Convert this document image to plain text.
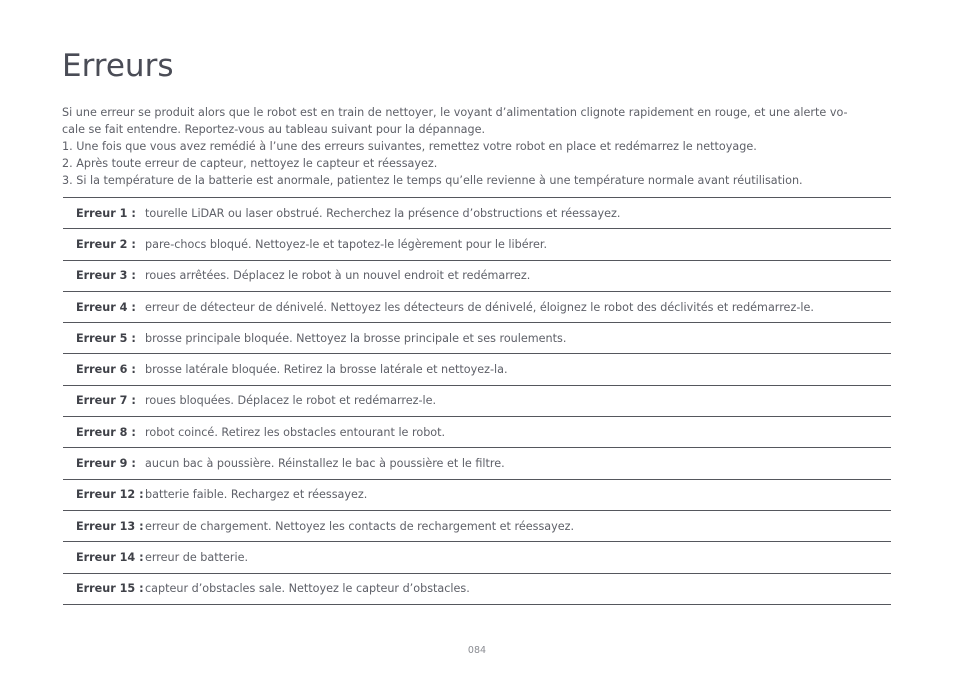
Erreurs

Si une erreur se produit alors que le robot est en train de nettoyer, le voyant d’alimentation clignote rapidement en rouge, et une alerte vo-

cale se fait entendre. Reportez-vous au tableau suivant pour la dépannage.

1. Une fois que vous avez remédié à l’une des erreurs suivantes, remettez votre robot en place et redémarrez le nettoyage.

2. Après toute erreur de capteur, nettoyez le capteur et réessayez.

3. Si la température de la batterie est anormale, patientez le temps qu’elle revienne à une température normale avant réutilisation.

Erreur 1 : tourelle LiDAR ou laser obstrué. Recherchez la présence d’obstructions et réessayez.
Erreur 2 : pare-chocs bloqué. Nettoyez-le et tapotez-le légèrement pour le libérer.
Erreur 3 : roues arrêtées. Déplacez le robot à un nouvel endroit et redémarrez.
Erreur 4 : erreur de détecteur de dénivelé. Nettoyez les détecteurs de dénivelé, éloignez le robot des déclivités et redémarrez-le.
Erreur 5 : brosse principale bloquée. Nettoyez la brosse principale et ses roulements.
Erreur 6 : brosse latérale bloquée. Retirez la brosse latérale et nettoyez-la.
Erreur 7 : roues bloquées. Déplacez le robot et redémarrez-le.
Erreur 8 : robot coincé. Retirez les obstacles entourant le robot.
Erreur 9 : aucun bac à poussière. Réinstallez le bac à poussière et le filtre.
Erreur 12 : batterie faible. Rechargez et réessayez.
Erreur 13 : erreur de chargement. Nettoyez les contacts de rechargement et réessayez.
Erreur 14 : erreur de batterie.
Erreur 15 : capteur d’obstacles sale. Nettoyez le capteur d’obstacles.
084
